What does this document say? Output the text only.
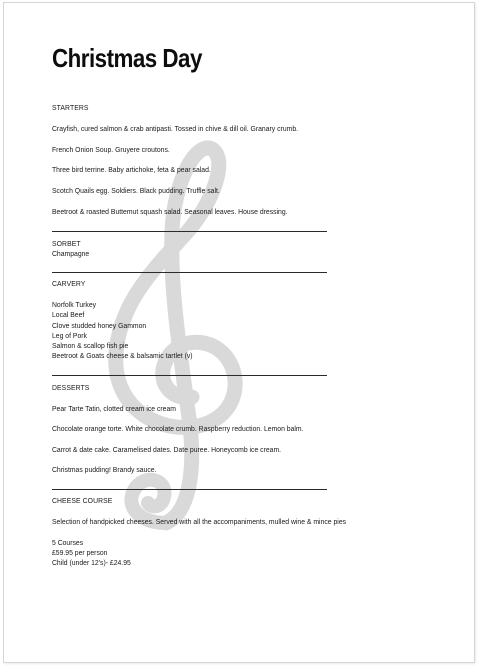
Christmas Day
STARTERS
Crayfish, cured salmon & crab antipasti. Tossed in chive & dill oil. Granary crumb.
French Onion Soup. Gruyere croutons.
Three bird terrine. Baby artichoke, feta & pear salad.
Scotch Quails egg. Soldiers. Black pudding. Truffle salt.
Beetroot & roasted Buttemut squash salad. Seasonal leaves. House dressing.
SORBET
Champagne
CARVERY
Norfolk Turkey
Local Beef
Clove studded honey Gammon
Leg of Pork
Salmon & scallop fish pie
Beetroot & Goats cheese & balsamic tartlet (v)
DESSERTS
Pear Tarte Tatin, clotted cream ice cream
Chocolate orange torte. White chocolate crumb. Raspberry reduction. Lemon balm.
Carrot & date cake. Caramelised dates. Date puree. Honeycomb ice cream.
Christmas pudding! Brandy sauce.
CHEESE COURSE
Selection of handpicked cheeses. Served with all the accompaniments, mulled wine & mince pies
5 Courses
£59.95 per person
Child (under 12's)- £24.95
